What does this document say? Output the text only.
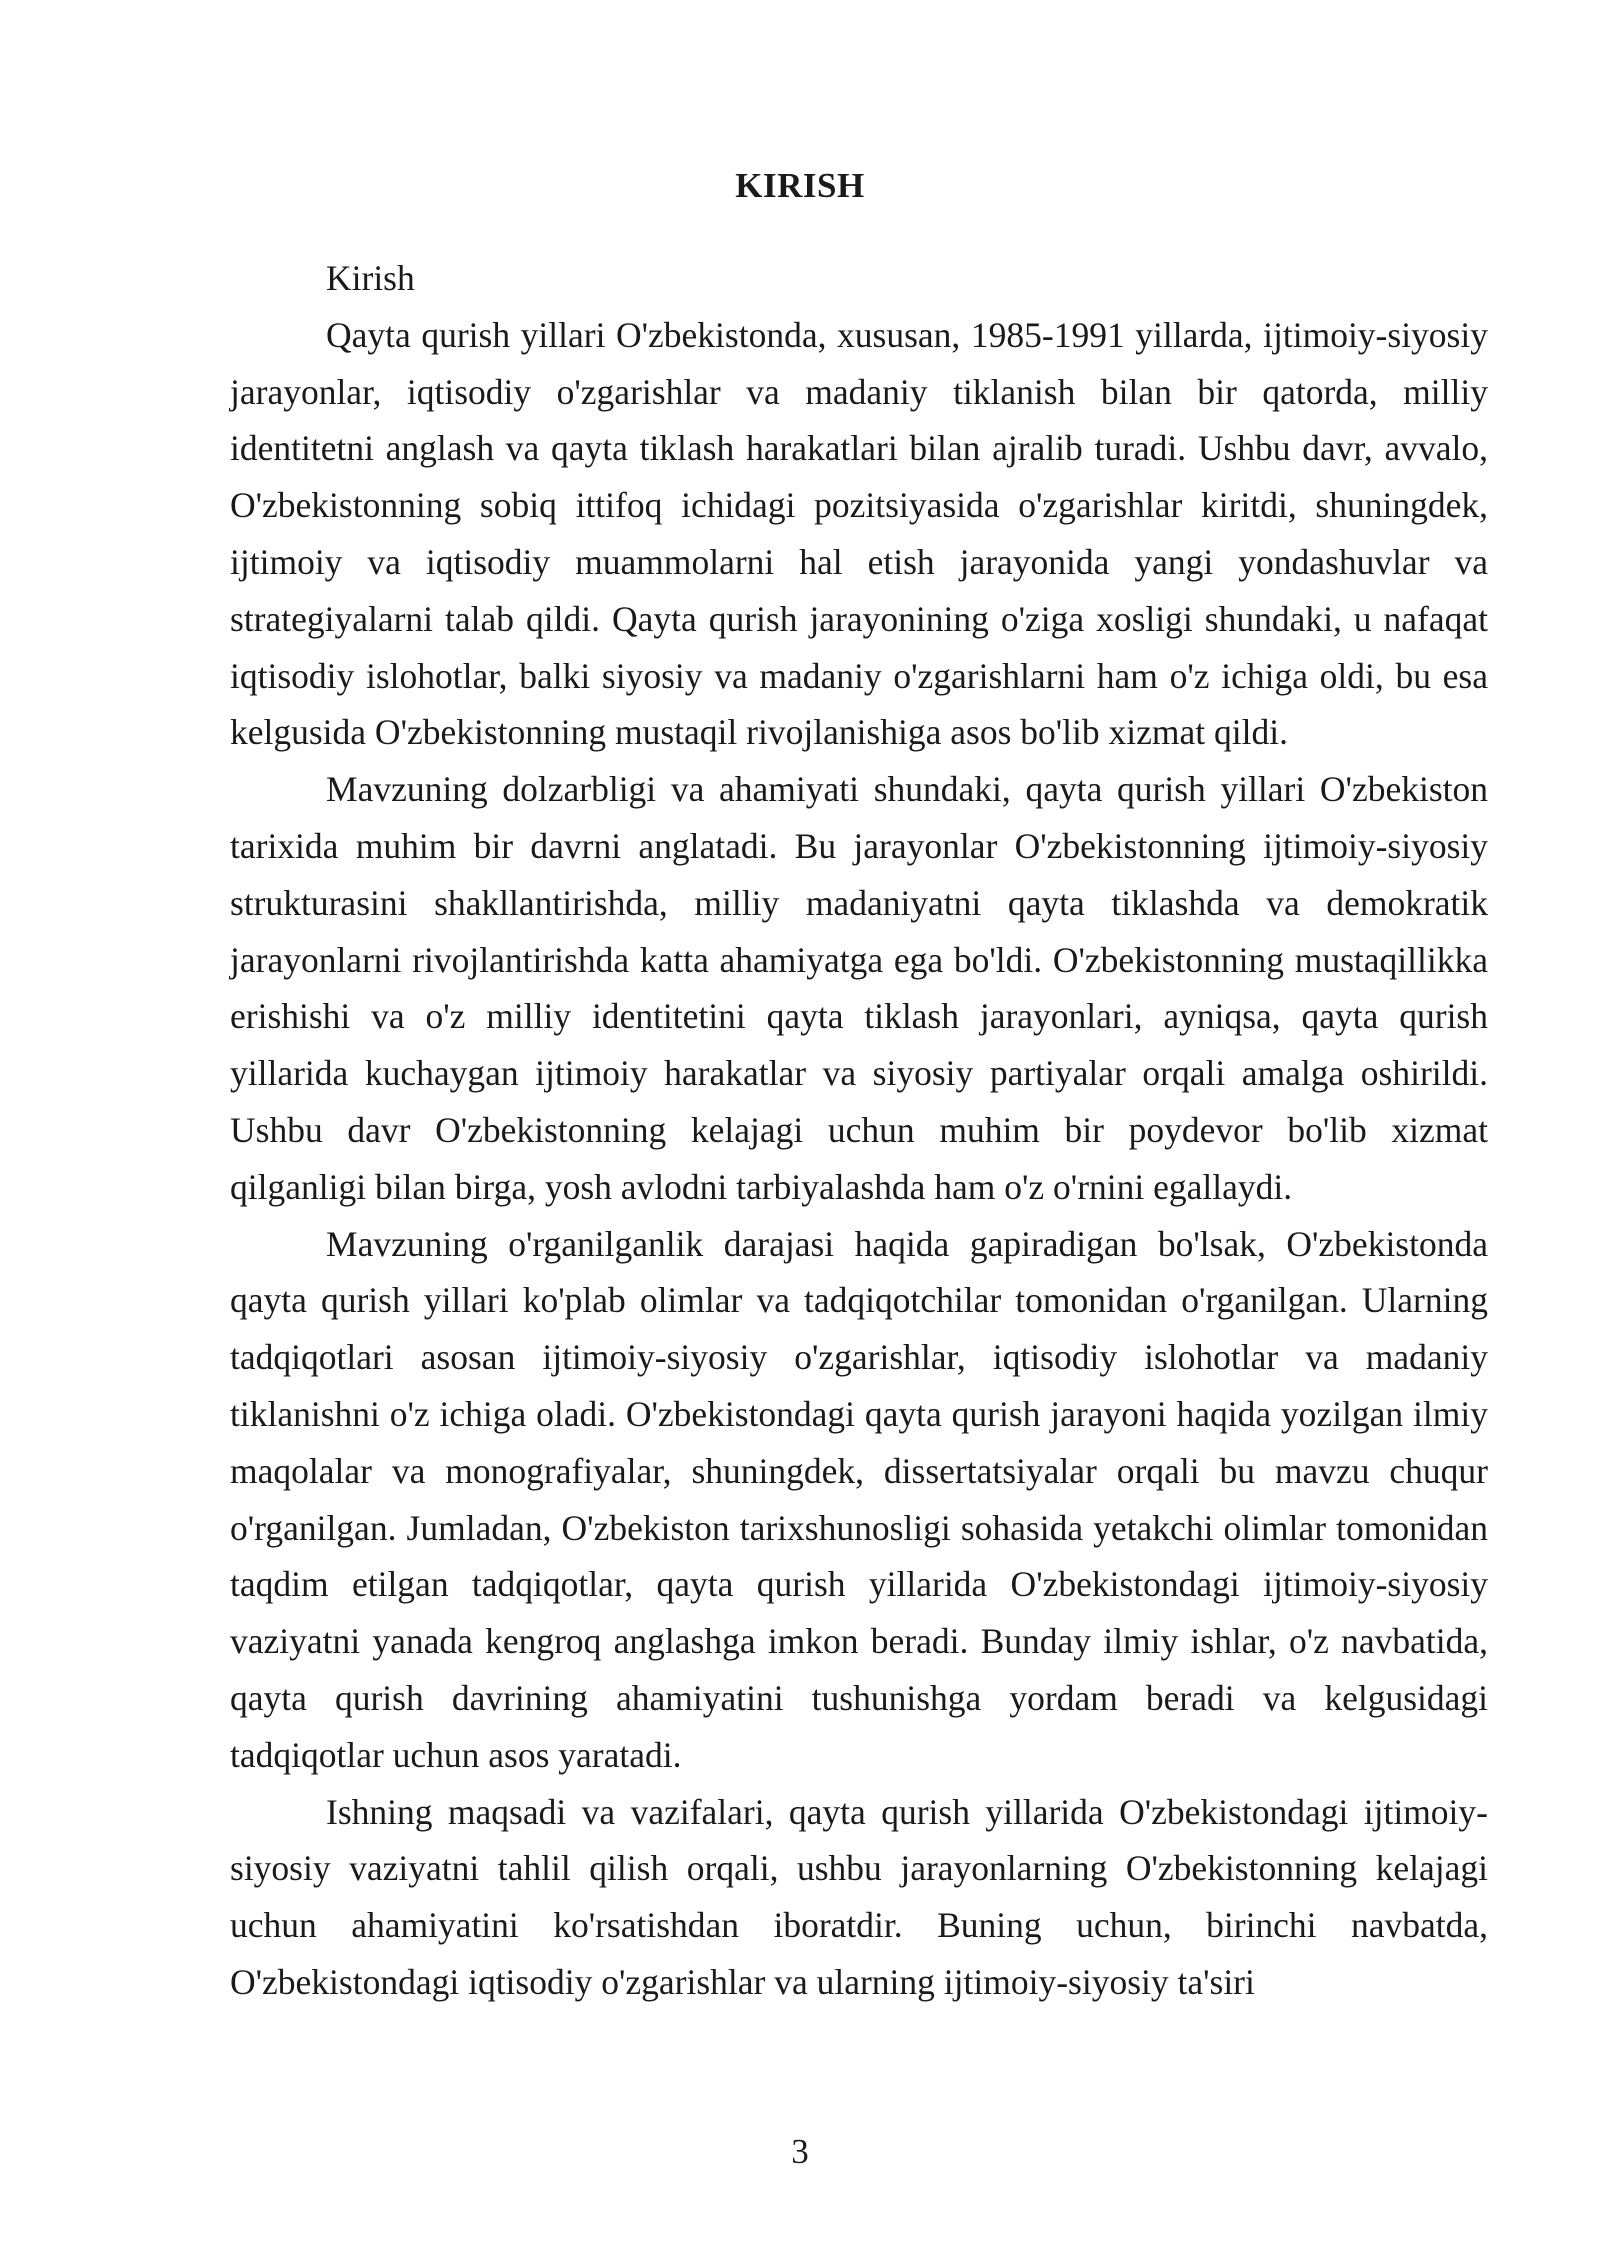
KIRISH

Kirish

Qayta qurish yillari O'zbekistonda, xususan, 1985-1991 yillarda, ijtimoiy-siyosiy jarayonlar, iqtisodiy o'zgarishlar va madaniy tiklanish bilan bir qatorda, milliy identitetni anglash va qayta tiklash harakatlari bilan ajralib turadi. Ushbu davr, avvalo, O'zbekistonning sobiq ittifoq ichidagi pozitsiyasida o'zgarishlar kiritdi, shuningdek, ijtimoiy va iqtisodiy muammolarni hal etish jarayonida yangi yondashuvlar va strategiyalarni talab qildi. Qayta qurish jarayonining o'ziga xosligi shundaki, u nafaqat iqtisodiy islohotlar, balki siyosiy va madaniy o'zgarishlarni ham o'z ichiga oldi, bu esa kelgusida O'zbekistonning mustaqil rivojlanishiga asos bo'lib xizmat qildi.

Mavzuning dolzarbligi va ahamiyati shundaki, qayta qurish yillari O'zbekiston tarixida muhim bir davrni anglatadi. Bu jarayonlar O'zbekistonning ijtimoiy-siyosiy strukturasini shakllantirishda, milliy madaniyatni qayta tiklashda va demokratik jarayonlarni rivojlantirishda katta ahamiyatga ega bo'ldi. O'zbekistonning mustaqillikka erishishi va o'z milliy identitetini qayta tiklash jarayonlari, ayniqsa, qayta qurish yillarida kuchaygan ijtimoiy harakatlar va siyosiy partiyalar orqali amalga oshirildi. Ushbu davr O'zbekistonning kelajagi uchun muhim bir poydevor bo'lib xizmat qilganligi bilan birga, yosh avlodni tarbiyalashda ham o'z o'rnini egallaydi.

Mavzuning o'rganilganlik darajasi haqida gapiradigan bo'lsak, O'zbekistonda qayta qurish yillari ko'plab olimlar va tadqiqotchilar tomonidan o'rganilgan. Ularning tadqiqotlari asosan ijtimoiy-siyosiy o'zgarishlar, iqtisodiy islohotlar va madaniy tiklanishni o'z ichiga oladi. O'zbekistondagi qayta qurish jarayoni haqida yozilgan ilmiy maqolalar va monografiyalar, shuningdek, dissertatsiyalar orqali bu mavzu chuqur o'rganilgan. Jumladan, O'zbekiston tarixshunosligi sohasida yetakchi olimlar tomonidan taqdim etilgan tadqiqotlar, qayta qurish yillarida O'zbekistondagi ijtimoiy-siyosiy vaziyatni yanada kengroq anglashga imkon beradi. Bunday ilmiy ishlar, o'z navbatida, qayta qurish davrining ahamiyatini tushunishga yordam beradi va kelgusidagi tadqiqotlar uchun asos yaratadi.

Ishning maqsadi va vazifalari, qayta qurish yillarida O'zbekistondagi ijtimoiy-siyosiy vaziyatni tahlil qilish orqali, ushbu jarayonlarning O'zbekistonning kelajagi uchun ahamiyatini ko'rsatishdan iboratdir. Buning uchun, birinchi navbatda, O'zbekistondagi iqtisodiy o'zgarishlar va ularning ijtimoiy-siyosiy ta'siri

3
